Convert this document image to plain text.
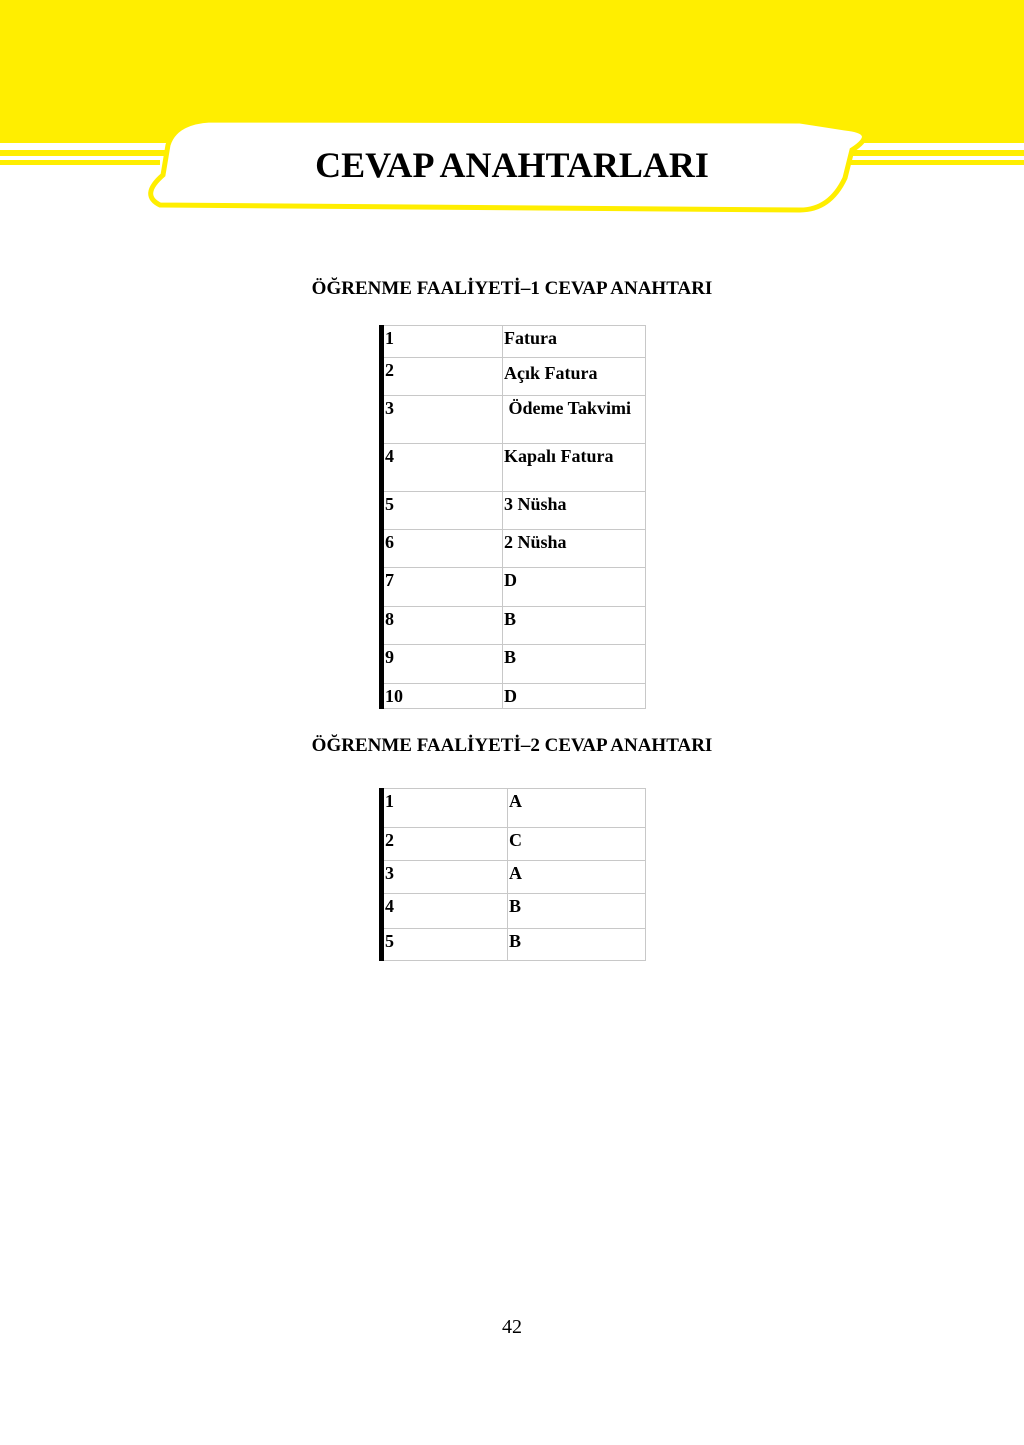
CEVAP ANAHTARLARI
ÖĞRENME FAALİYETİ–1 CEVAP ANAHTARI
1	Fatura
2	Açık Fatura
3	Ödeme Takvimi
4	Kapalı Fatura
5	3 Nüsha
6	2 Nüsha
7	D
8	B
9	B
10	D
ÖĞRENME FAALİYETİ–2 CEVAP ANAHTARI
1	A
2	C
3	A
4	B
5	B
42
